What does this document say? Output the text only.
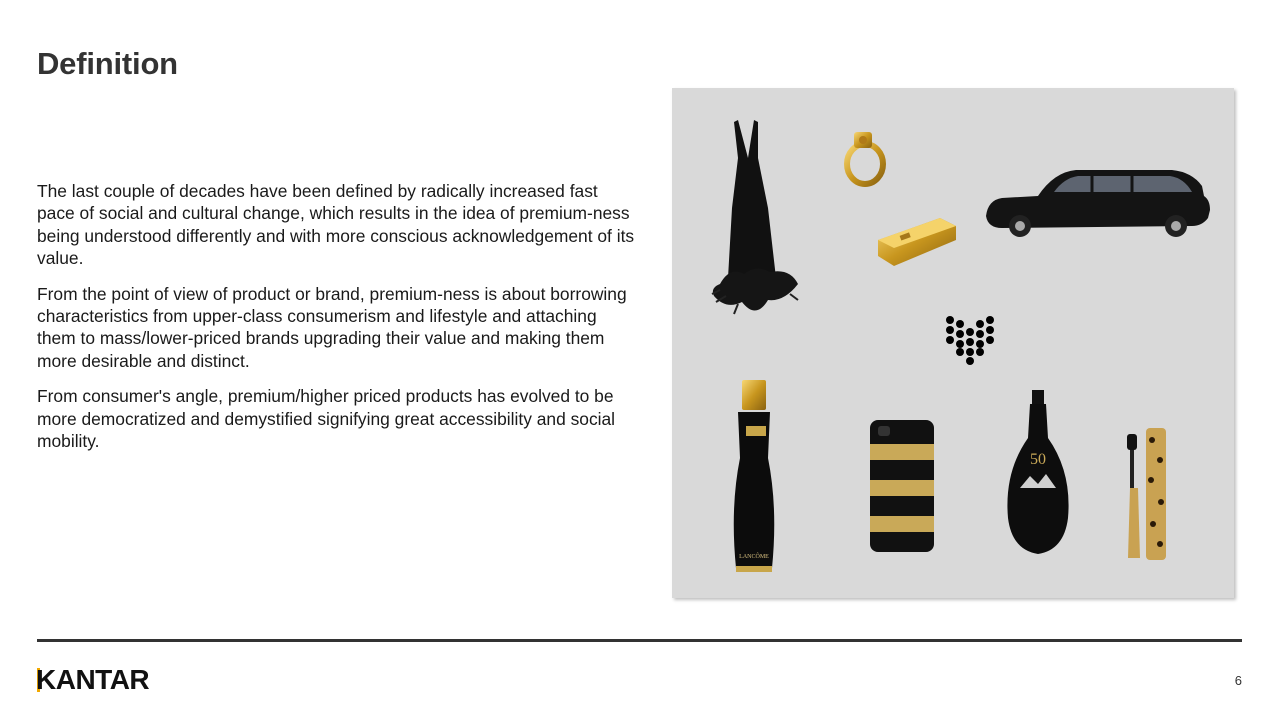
Definition

The last couple of decades have been defined by radically increased fast pace of social and cultural change, which results in the idea of premium-ness being understood differently and with more conscious acknowledgement of its value.

From the point of view of product or brand, premium-ness is about borrowing characteristics from upper-class consumerism and lifestyle and attaching them to mass/lower-priced brands upgrading their value and making them more desirable and distinct.

From consumer's angle, premium/higher priced products has evolved to be more democratized and demystified signifying great accessibility and social mobility.

LANCÔME
50
KANTAR	6
